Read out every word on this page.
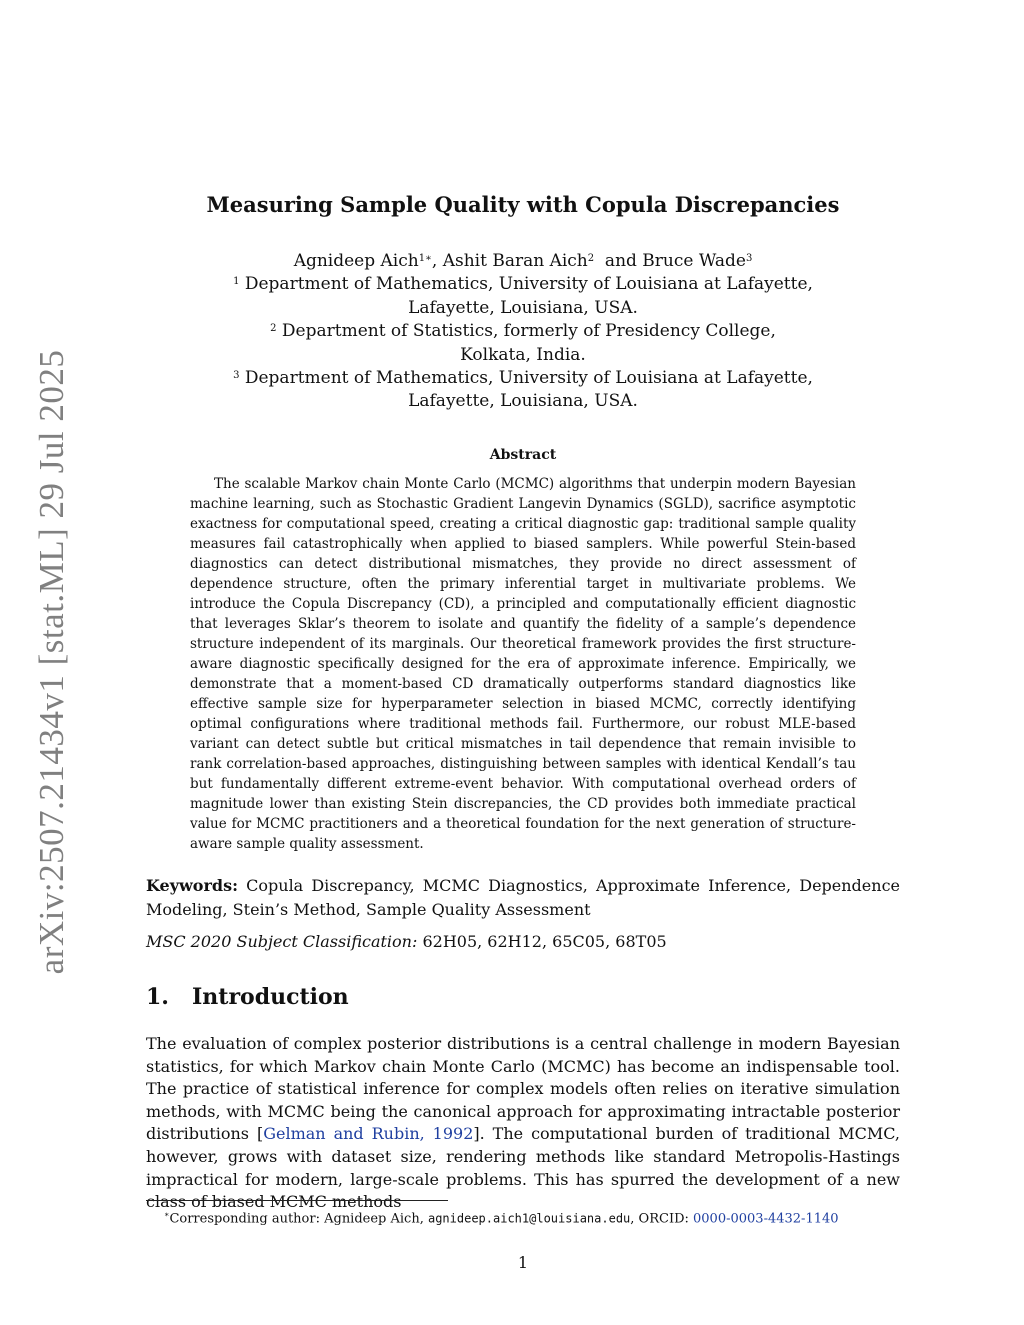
arXiv:2507.21434v1 [stat.ML] 29 Jul 2025
Measuring Sample Quality with Copula Discrepancies
Agnideep Aich$^{1∗}$, Ashit Baran Aich$^2$  and Bruce Wade$^3$
$^1$ Department of Mathematics, University of Louisiana at Lafayette,
Lafayette, Louisiana, USA.
$^2$ Department of Statistics, formerly of Presidency College,
Kolkata, India.
$^3$ Department of Mathematics, University of Louisiana at Lafayette,
Lafayette, Louisiana, USA.
Abstract

The scalable Markov chain Monte Carlo (MCMC) algorithms that underpin modern Bayesian machine learning, such as Stochastic Gradient Langevin Dynamics (SGLD), sacrifice asymptotic exactness for computational speed, creating a critical diagnostic gap: traditional sample quality measures fail catastrophically when applied to biased samplers. While powerful Stein-based diagnostics can detect distributional mismatches, they provide no direct assessment of dependence structure, often the primary inferential target in multivariate problems. We introduce the Copula Discrepancy (CD), a principled and computationally efficient diagnostic that leverages Sklar’s theorem to isolate and quantify the fidelity of a sample’s dependence structure independent of its marginals. Our theoretical framework provides the first structure-aware diagnostic specifically designed for the era of approximate inference. Empirically, we demonstrate that a moment-based CD dramatically outperforms standard diagnostics like effective sample size for hyperparameter selection in biased MCMC, correctly identifying optimal configurations where traditional methods fail. Furthermore, our robust MLE-based variant can detect subtle but critical mismatches in tail dependence that remain invisible to rank correlation-based approaches, distinguishing between samples with identical Kendall’s tau but fundamentally different extreme-event behavior. With computational overhead orders of magnitude lower than existing Stein discrepancies, the CD provides both immediate practical value for MCMC practitioners and a theoretical foundation for the next generation of structure-aware sample quality assessment.

Keywords: Copula Discrepancy, MCMC Diagnostics, Approximate Inference, Dependence Modeling, Stein’s Method, Sample Quality Assessment

MSC 2020 Subject Classification: 62H05, 62H12, 65C05, 68T05

1. Introduction

The evaluation of complex posterior distributions is a central challenge in modern Bayesian statistics, for which Markov chain Monte Carlo (MCMC) has become an indispensable tool. The practice of statistical inference for complex models often relies on iterative simulation methods, with MCMC being the canonical approach for approximating intractable posterior distributions [Gelman and Rubin, 1992]. The computational burden of traditional MCMC, however, grows with dataset size, rendering methods like standard Metropolis-Hastings impractical for modern, large-scale problems. This has spurred the development of a new class of biased MCMC methods

∗Corresponding author: Agnideep Aich, agnideep.aich1@louisiana.edu, ORCID: 0000-0003-4432-1140

1
